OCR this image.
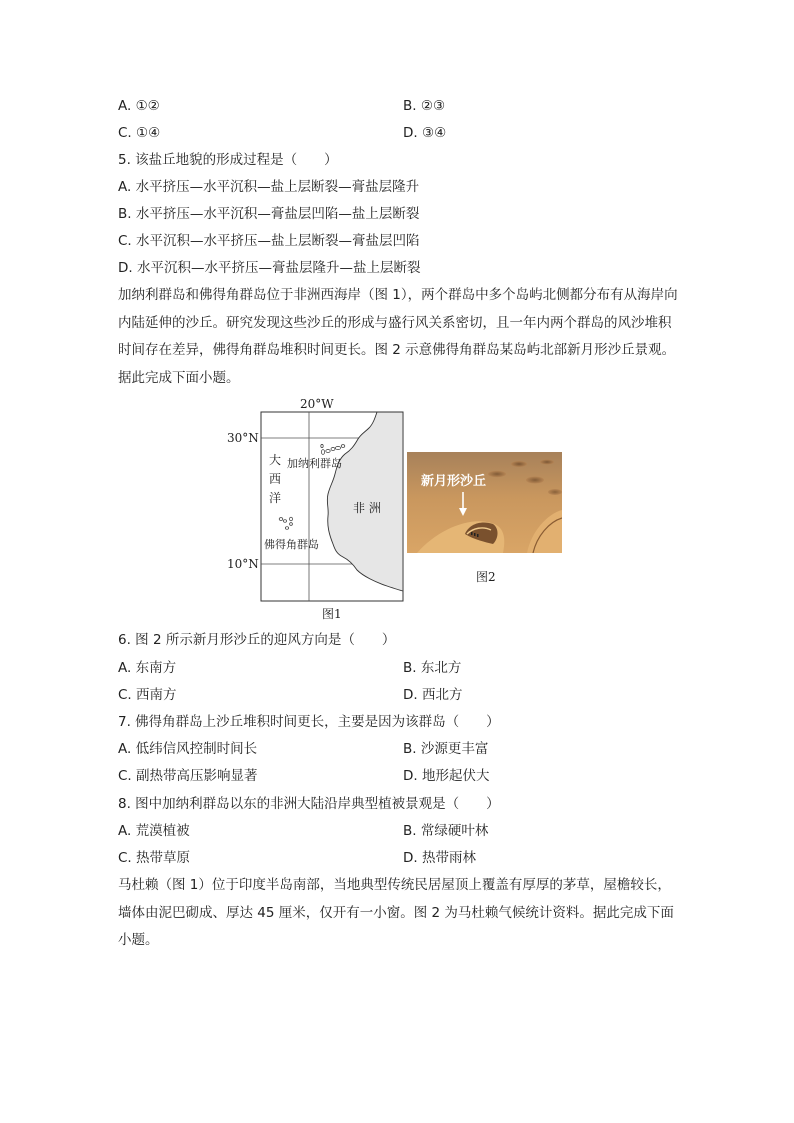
A. ①②	B. ②③
C. ①④	D. ③④
5. 该盐丘地貌的形成过程是（　　）
A. 水平挤压—水平沉积—盐上层断裂—膏盐层隆升
B. 水平挤压—水平沉积—膏盐层凹陷—盐上层断裂
C. 水平沉积—水平挤压—盐上层断裂—膏盐层凹陷
D. 水平沉积—水平挤压—膏盐层隆升—盐上层断裂
加纳利群岛和佛得角群岛位于非洲西海岸（图 1），两个群岛中多个岛屿北侧都分布有从海岸向内陆延伸的沙丘。研究发现这些沙丘的形成与盛行风关系密切，且一年内两个群岛的风沙堆积时间存在差异，佛得角群岛堆积时间更长。图 2 示意佛得角群岛某岛屿北部新月形沙丘景观。据此完成下面小题。
20°W
30°N
10°N
大
西
洋
加纳利群岛
非 洲
佛得角群岛
图1
新月形沙丘
图2
6. 图 2 所示新月形沙丘的迎风方向是（　　）
A. 东南方	B. 东北方
C. 西南方	D. 西北方
7. 佛得角群岛上沙丘堆积时间更长，主要是因为该群岛（　　）
A. 低纬信风控制时间长	B. 沙源更丰富
C. 副热带高压影响显著	D. 地形起伏大
8. 图中加纳利群岛以东的非洲大陆沿岸典型植被景观是（　　）
A. 荒漠植被	B. 常绿硬叶林
C. 热带草原	D. 热带雨林
马杜赖（图 1）位于印度半岛南部，当地典型传统民居屋顶上覆盖有厚厚的茅草，屋檐较长，墙体由泥巴砌成、厚达 45 厘米，仅开有一小窗。图 2 为马杜赖气候统计资料。据此完成下面小题。
